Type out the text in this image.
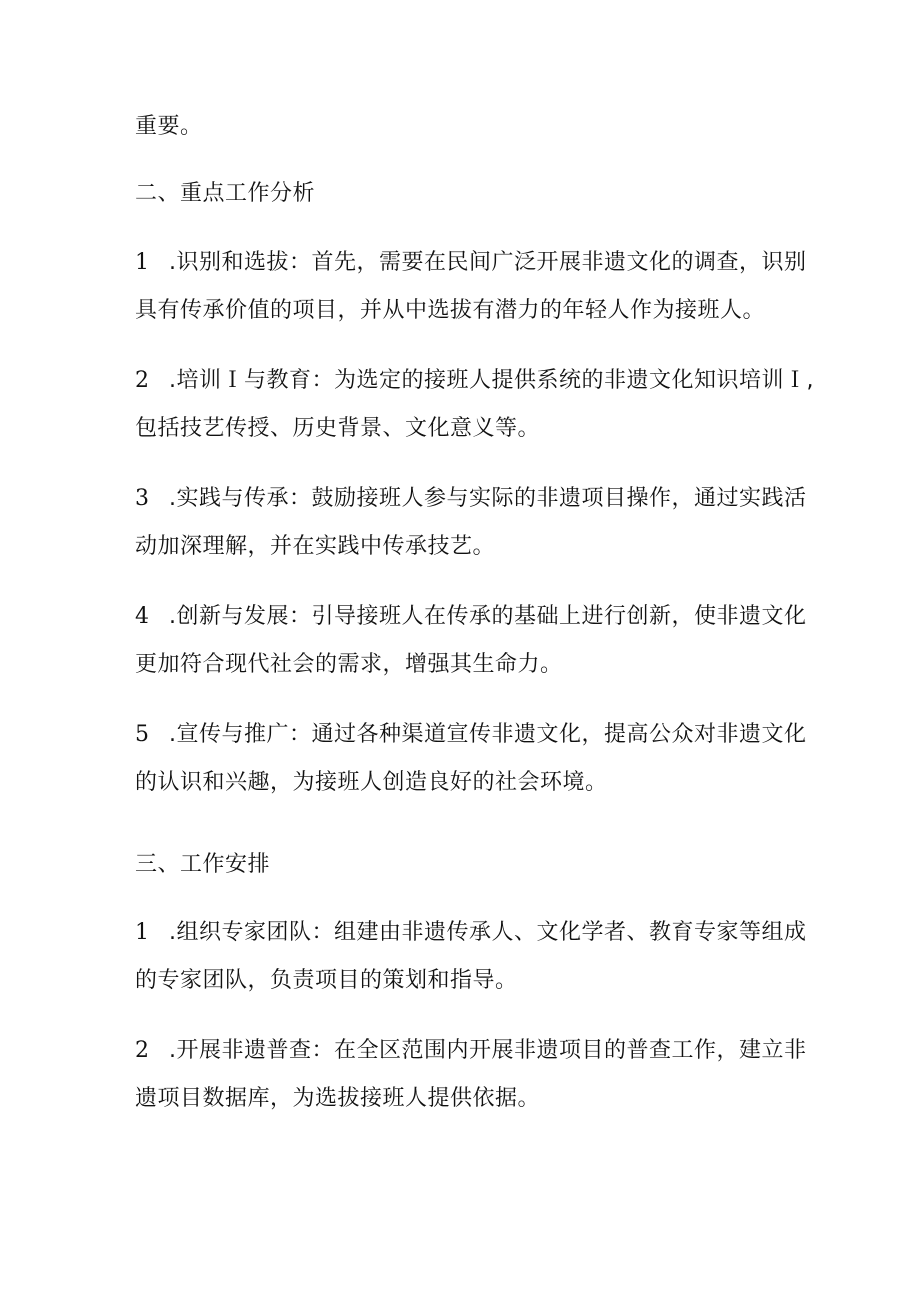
重要。
二、重点工作分析
1 .识别和选拔：首先，需要在民间广泛开展非遗文化的调查，识别
具有传承价值的项目，并从中选拔有潜力的年轻人作为接班人。
2 .培训Ｉ与教育：为选定的接班人提供系统的非遗文化知识培训Ｉ,
包括技艺传授、历史背景、文化意义等。
3 .实践与传承：鼓励接班人参与实际的非遗项目操作，通过实践活
动加深理解，并在实践中传承技艺。
4 .创新与发展：引导接班人在传承的基础上进行创新，使非遗文化
更加符合现代社会的需求，增强其生命力。
5 .宣传与推广：通过各种渠道宣传非遗文化，提高公众对非遗文化
的认识和兴趣，为接班人创造良好的社会环境。
三、工作安排
1 .组织专家团队：组建由非遗传承人、文化学者、教育专家等组成
的专家团队，负责项目的策划和指导。
2 .开展非遗普查：在全区范围内开展非遗项目的普查工作，建立非
遗项目数据库，为选拔接班人提供依据。
